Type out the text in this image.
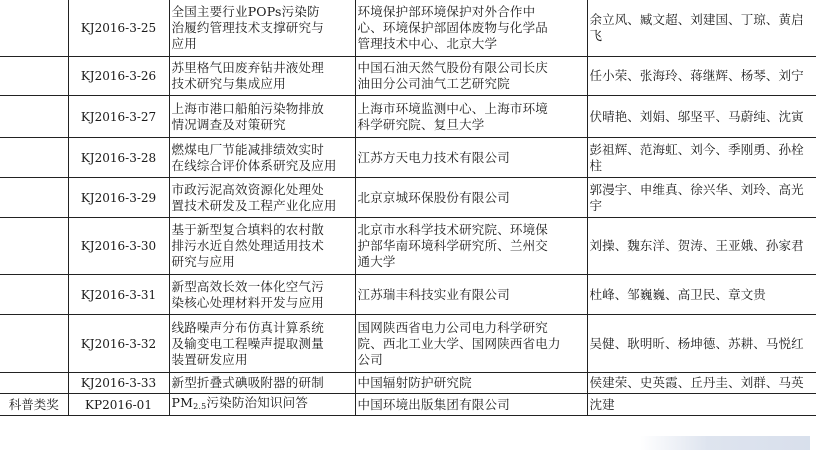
	KJ2016-3-25	全国主要行业POPs污染防
治履约管理技术支撑研究与
应用	环境保护部环境保护对外合作中
心、环境保护部固体废物与化学品
管理技术中心、北京大学	余立风、臧文超、刘建国、丁琼、黄启飞
	KJ2016-3-26	苏里格气田废弃钻井液处理
技术研究与集成应用	中国石油天然气股份有限公司长庆
油田分公司油气工艺研究院	任小荣、张海玲、蒋继辉、杨琴、刘宁
	KJ2016-3-27	上海市港口船舶污染物排放
情况调查及对策研究	上海市环境监测中心、上海市环境
科学研究院、复旦大学	伏晴艳、刘娟、邬坚平、马蔚纯、沈寅
	KJ2016-3-28	燃煤电厂节能减排绩效实时
在线综合评价体系研究及应用	江苏方天电力技术有限公司	彭祖辉、范海虹、刘今、季刚勇、孙栓柱
	KJ2016-3-29	市政污泥高效资源化处理处
置技术研发及工程产业化应用	北京京城环保股份有限公司	郭漫宇、申维真、徐兴华、刘玲、高光宇
	KJ2016-3-30	基于新型复合填料的农村散
排污水近自然处理适用技术
研究与应用	北京市水科学技术研究院、环境保
护部华南环境科学研究所、兰州交
通大学	刘操、魏东洋、贺涛、王亚娥、孙家君
	KJ2016-3-31	新型高效长效一体化空气污
染核心处理材料开发与应用	江苏瑞丰科技实业有限公司	杜峰、邹巍巍、高卫民、章文贵
	KJ2016-3-32	线路噪声分布仿真计算系统
及输变电工程噪声提取测量
装置研发应用	国网陕西省电力公司电力科学研究
院、西北工业大学、国网陕西省电力
公司	吴健、耿明昕、杨坤德、苏耕、马悦红
	KJ2016-3-33	新型折叠式碘吸附器的研制	中国辐射防护研究院	侯建荣、史英霞、丘丹圭、刘群、马英
科普类奖	KP2016-01	$PM_{2.5}$污染防治知识问答	中国环境出版集团有限公司	沈建
